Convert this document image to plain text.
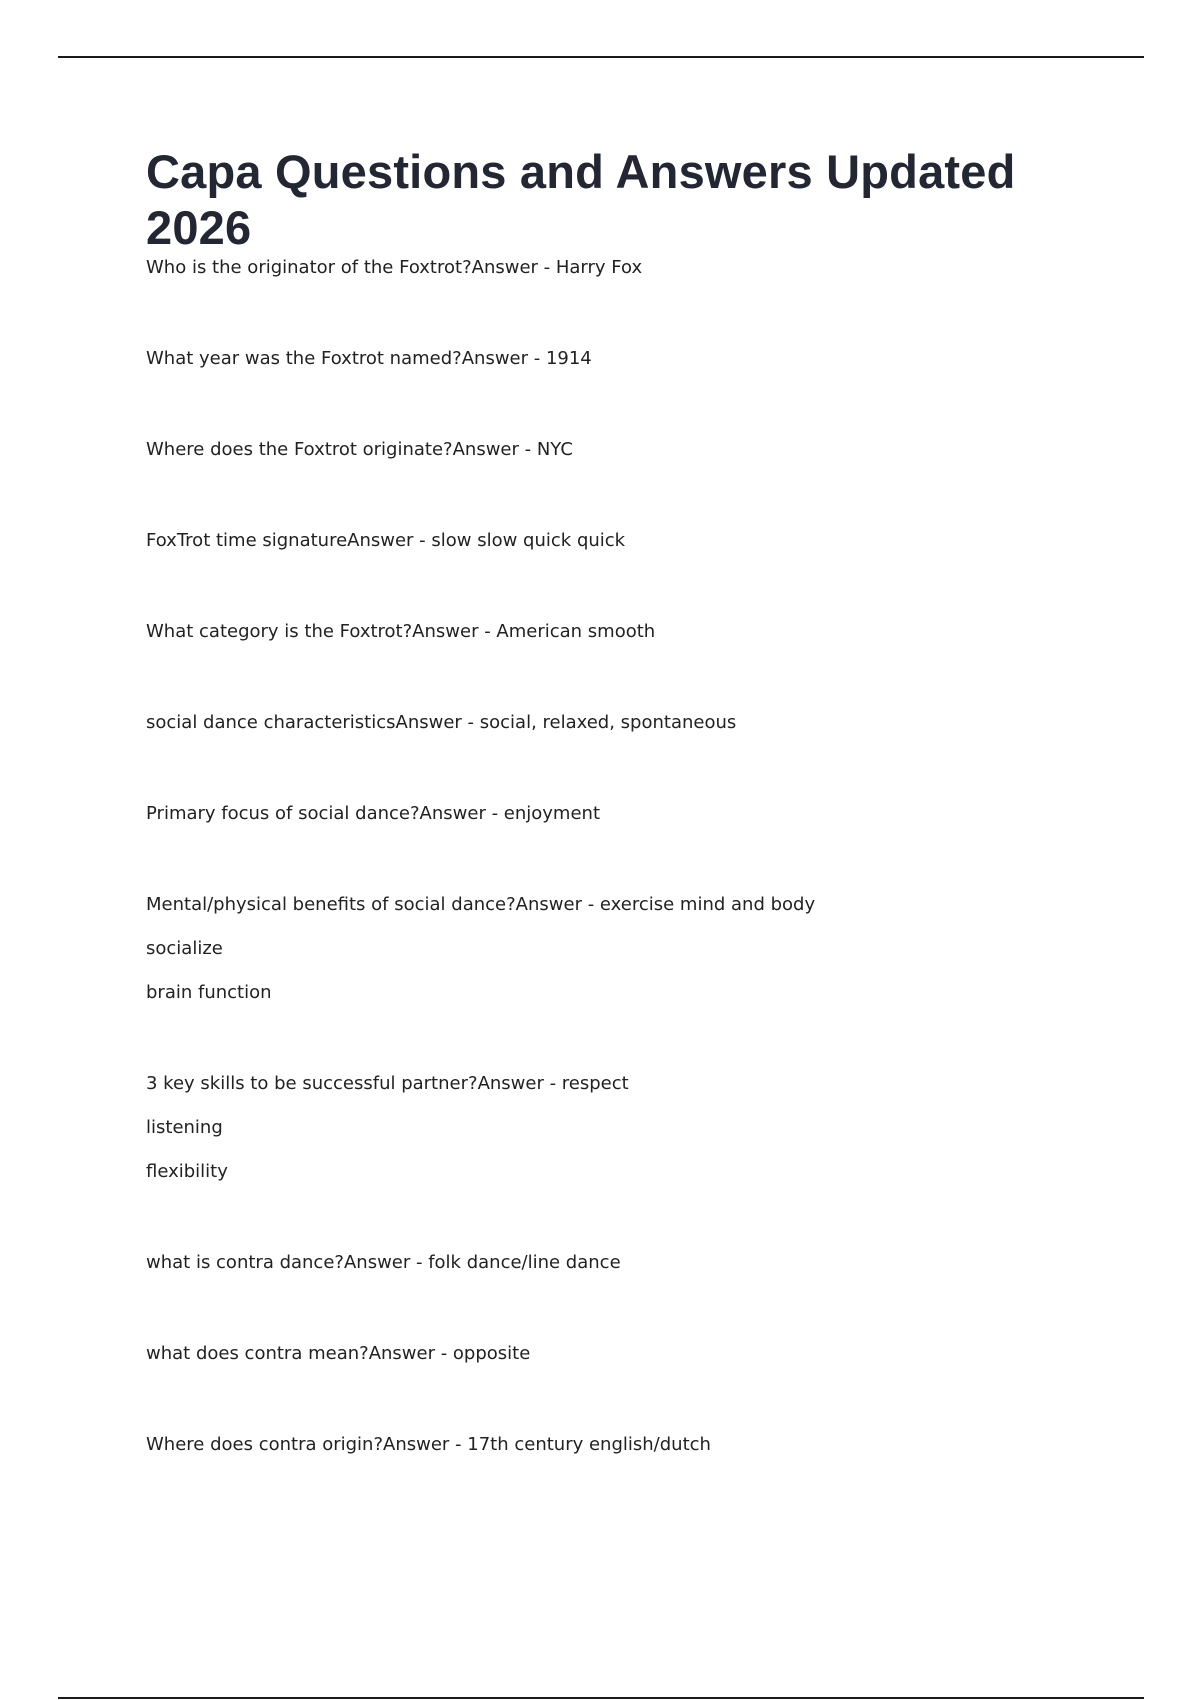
Capa Questions and Answers Updated 2026
Who is the originator of the Foxtrot?Answer - Harry Fox
What year was the Foxtrot named?Answer - 1914
Where does the Foxtrot originate?Answer - NYC
FoxTrot time signatureAnswer - slow slow quick quick
What category is the Foxtrot?Answer - American smooth
social dance characteristicsAnswer - social, relaxed, spontaneous
Primary focus of social dance?Answer - enjoyment
Mental/physical benefits of social dance?Answer - exercise mind and body
socialize
brain function
3 key skills to be successful partner?Answer - respect
listening
flexibility
what is contra dance?Answer - folk dance/line dance
what does contra mean?Answer - opposite
Where does contra origin?Answer - 17th century english/dutch
